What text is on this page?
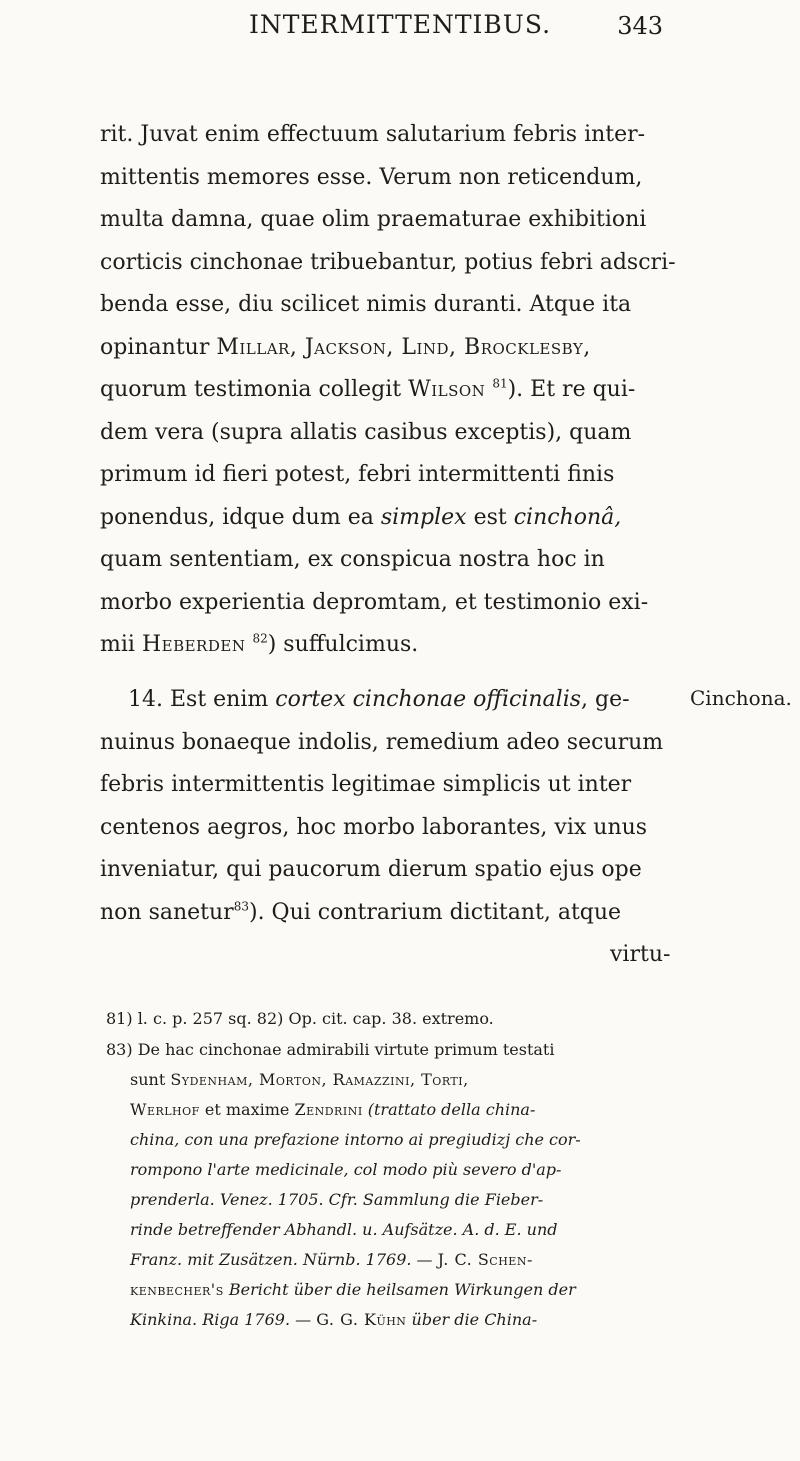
INTERMITTENTIBUS.	343
rit. Juvat enim effectuum salutarium febris inter-
mittentis memores esse. Verum non reticendum,
multa damna, quae olim praematurae exhibitioni
corticis cinchonae tribuebantur, potius febri adscri-
benda esse, diu scilicet nimis duranti. Atque ita
opinantur Millar, Jackson, Lind, Brocklesby,
quorum testimonia collegit Wilson $^{81}$). Et re qui-
dem vera (supra allatis casibus exceptis), quam
primum id fieri potest, febri intermittenti finis
ponendus, idque dum ea simplex est cinchonâ,
quam sententiam, ex conspicua nostra hoc in
morbo experientia depromtam, et testimonio exi-
mii Heberden $^{82}$) suffulcimus.
14. Est enim cortex cinchonae officinalis, ge-
nuinus bonaeque indolis, remedium adeo securum
febris intermittentis legitimae simplicis ut inter
centenos aegros, hoc morbo laborantes, vix unus
inveniatur, qui paucorum dierum spatio ejus ope
non sanetur$^{83}$). Qui contrarium dictitant, atque
virtu-
Cinchona.
81) l. c. p. 257 sq. 82) Op. cit. cap. 38. extremo.
83) De hac cinchonae admirabili virtute primum testati
sunt Sydenham, Morton, Ramazzini, Torti,
Werlhof et maxime Zendrini (trattato della china-
china, con una prefazione intorno ai pregiudizj che cor-
rompono l'arte medicinale, col modo più severo d'ap-
prenderla. Venez. 1705. Cfr. Sammlung die Fieber-
rinde betreffender Abhandl. u. Aufsätze. A. d. E. und
Franz. mit Zusätzen. Nürnb. 1769. — J. C. Schen-
kenbecher's Bericht über die heilsamen Wirkungen der
Kinkina. Riga 1769. — G. G. Kühn über die China-
